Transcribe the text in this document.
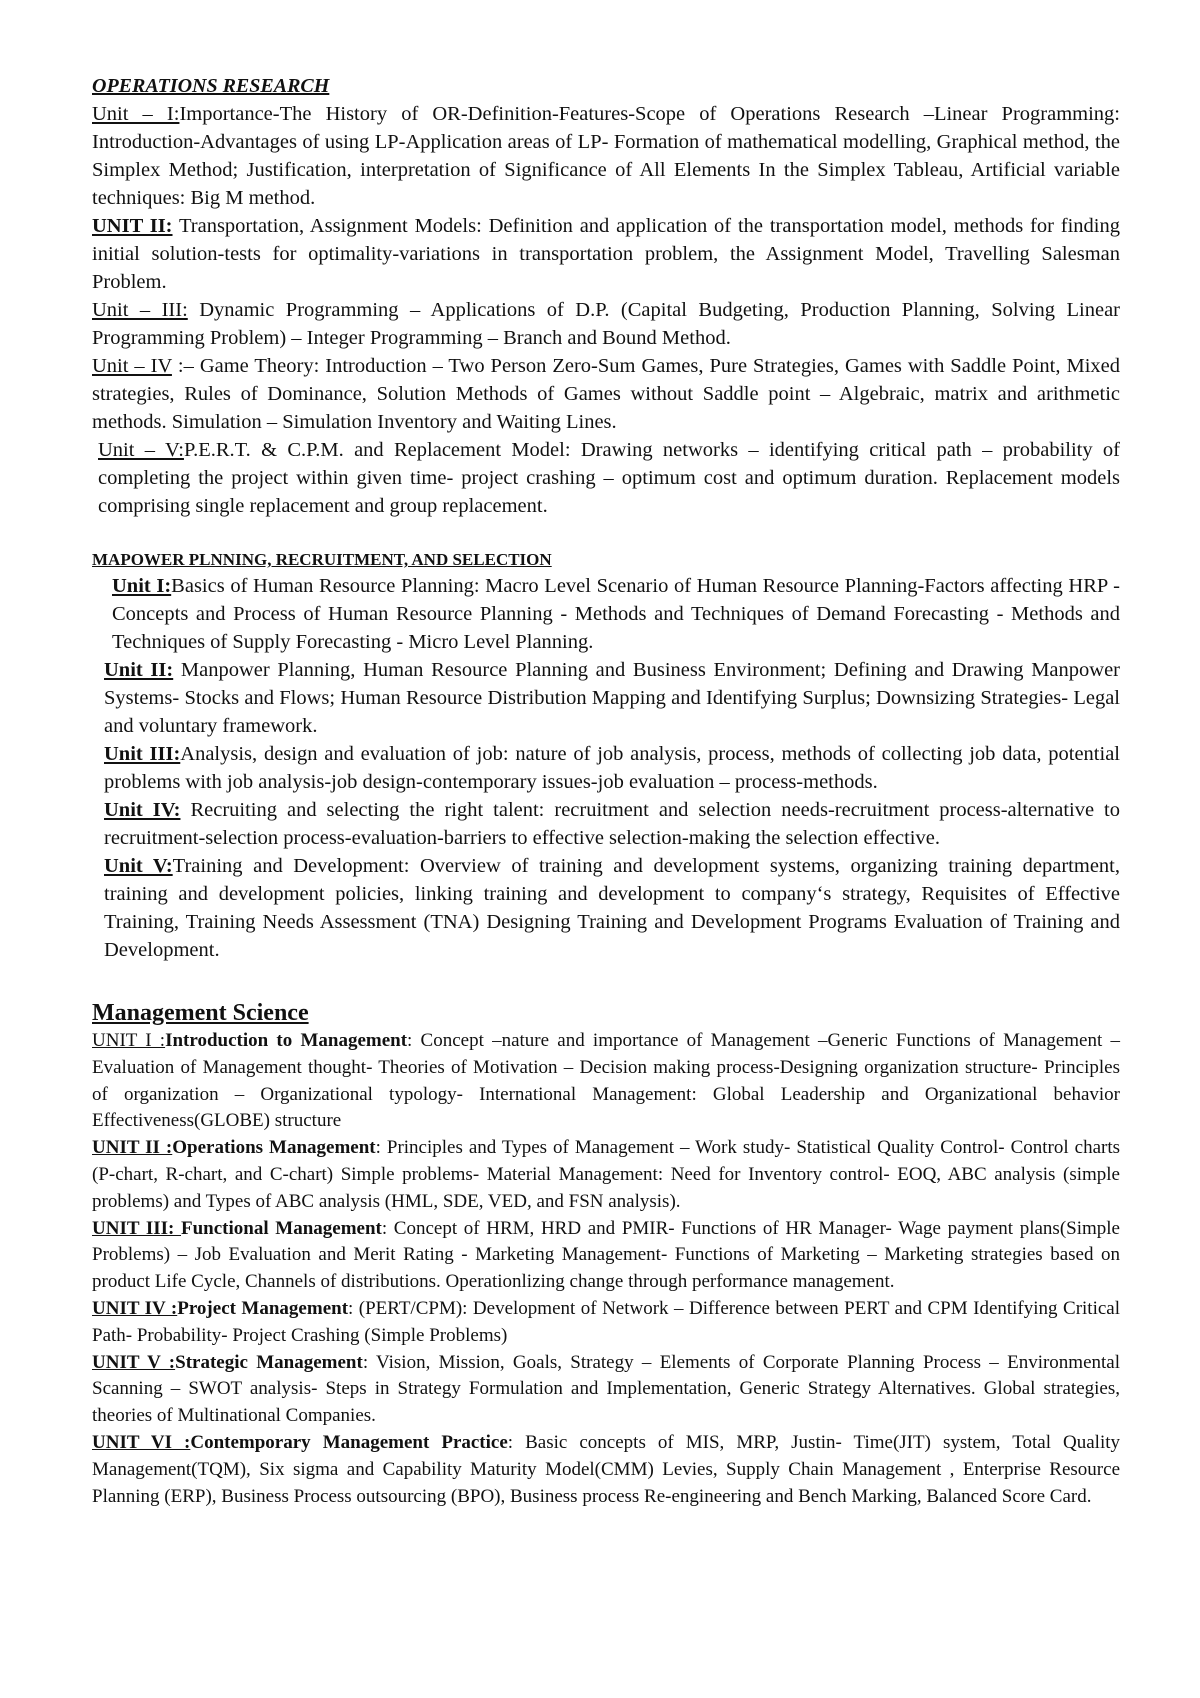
OPERATIONS RESEARCH

Unit – I:Importance-The History of OR-Definition-Features-Scope of Operations Research –Linear Programming: Introduction-Advantages of using LP-Application areas of LP- Formation of mathematical modelling, Graphical method, the Simplex Method; Justification, interpretation of Significance of All Elements In the Simplex Tableau, Artificial variable techniques: Big M method.

UNIT II: Transportation, Assignment Models: Definition and application of the transportation model, methods for finding initial solution-tests for optimality-variations in transportation problem, the Assignment Model, Travelling Salesman Problem.

Unit – III: Dynamic Programming – Applications of D.P. (Capital Budgeting, Production Planning, Solving Linear Programming Problem) – Integer Programming – Branch and Bound Method.

Unit – IV :– Game Theory: Introduction – Two Person Zero-Sum Games, Pure Strategies, Games with Saddle Point, Mixed strategies, Rules of Dominance, Solution Methods of Games without Saddle point – Algebraic, matrix and arithmetic methods. Simulation – Simulation Inventory and Waiting Lines.

Unit – V:P.E.R.T. & C.P.M. and Replacement Model: Drawing networks – identifying critical path – probability of completing the project within given time- project crashing – optimum cost and optimum duration. Replacement models comprising single replacement and group replacement.

MAPOWER PLNNING, RECRUITMENT, AND SELECTION

Unit I:Basics of Human Resource Planning: Macro Level Scenario of Human Resource Planning-Factors affecting HRP -Concepts and Process of Human Resource Planning - Methods and Techniques of Demand Forecasting - Methods and Techniques of Supply Forecasting - Micro Level Planning.

Unit II: Manpower Planning, Human Resource Planning and Business Environment; Defining and Drawing Manpower Systems- Stocks and Flows; Human Resource Distribution Mapping and Identifying Surplus; Downsizing Strategies- Legal and voluntary framework.

Unit III:Analysis, design and evaluation of job: nature of job analysis, process, methods of collecting job data, potential problems with job analysis-job design-contemporary issues-job evaluation – process-methods.

Unit IV: Recruiting and selecting the right talent: recruitment and selection needs-recruitment process-alternative to recruitment-selection process-evaluation-barriers to effective selection-making the selection effective.

Unit V:Training and Development: Overview of training and development systems, organizing training department, training and development policies, linking training and development to company‘s strategy, Requisites of Effective Training, Training Needs Assessment (TNA) Designing Training and Development Programs Evaluation of Training and Development.

Management Science

UNIT I :Introduction to Management: Concept –nature and importance of Management –Generic Functions of Management – Evaluation of Management thought- Theories of Motivation – Decision making process-Designing organization structure- Principles of organization – Organizational typology- International Management: Global Leadership and Organizational behavior Effectiveness(GLOBE) structure

UNIT II :Operations Management: Principles and Types of Management – Work study- Statistical Quality Control- Control charts (P-chart, R-chart, and C-chart) Simple problems- Material Management: Need for Inventory control- EOQ, ABC analysis (simple problems) and Types of ABC analysis (HML, SDE, VED, and FSN analysis).

UNIT III: Functional Management: Concept of HRM, HRD and PMIR- Functions of HR Manager- Wage payment plans(Simple Problems) – Job Evaluation and Merit Rating - Marketing Management- Functions of Marketing – Marketing strategies based on product Life Cycle, Channels of distributions. Operationlizing change through performance management.

UNIT IV :Project Management: (PERT/CPM): Development of Network – Difference between PERT and CPM Identifying Critical Path- Probability- Project Crashing (Simple Problems)

UNIT V :Strategic Management: Vision, Mission, Goals, Strategy – Elements of Corporate Planning Process – Environmental Scanning – SWOT analysis- Steps in Strategy Formulation and Implementation, Generic Strategy Alternatives. Global strategies, theories of Multinational Companies.

UNIT VI :Contemporary Management Practice: Basic concepts of MIS, MRP, Justin- Time(JIT) system, Total Quality Management(TQM), Six sigma and Capability Maturity Model(CMM) Levies, Supply Chain Management , Enterprise Resource Planning (ERP), Business Process outsourcing (BPO), Business process Re-engineering and Bench Marking, Balanced Score Card.
